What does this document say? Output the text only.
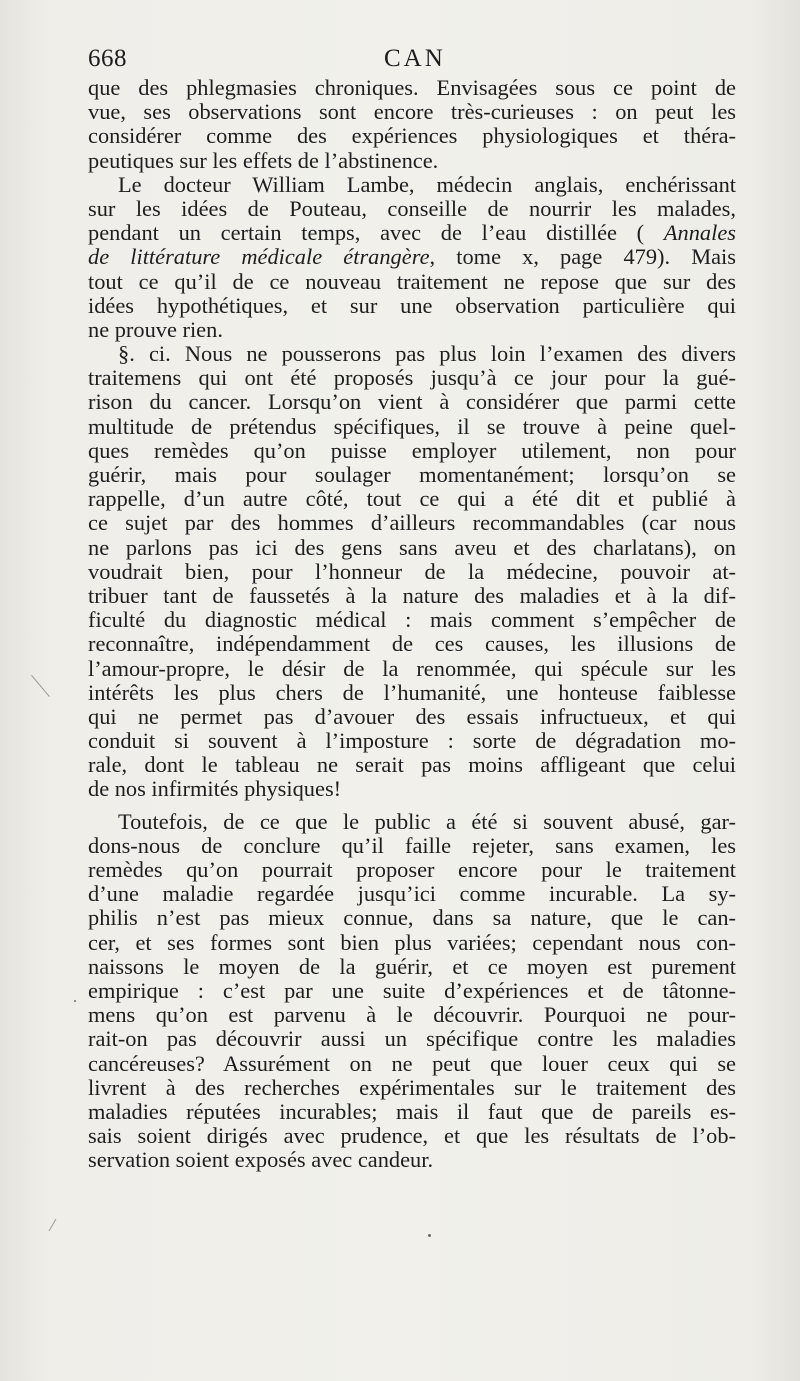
668	CAN
que des phlegmasies chroniques. Envisagées sous ce point de
vue, ses observations sont encore très-curieuses : on peut les
considérer comme des expériences physiologiques et théra-
peutiques sur les effets de l’abstinence.
Le docteur William Lambe, médecin anglais, enchérissant
sur les idées de Pouteau, conseille de nourrir les malades,
pendant un certain temps, avec de l’eau distillée ( Annales
de littérature médicale étrangère, tome x, page 479). Mais
tout ce qu’il de ce nouveau traitement ne repose que sur des
idées hypothétiques, et sur une observation particulière qui
ne prouve rien.
§. ci. Nous ne pousserons pas plus loin l’examen des divers
traitemens qui ont été proposés jusqu’à ce jour pour la gué-
rison du cancer. Lorsqu’on vient à considérer que parmi cette
multitude de prétendus spécifiques, il se trouve à peine quel-
ques remèdes qu’on puisse employer utilement, non pour
guérir, mais pour soulager momentanément; lorsqu’on se
rappelle, d’un autre côté, tout ce qui a été dit et publié à
ce sujet par des hommes d’ailleurs recommandables (car nous
ne parlons pas ici des gens sans aveu et des charlatans), on
voudrait bien, pour l’honneur de la médecine, pouvoir at-
tribuer tant de faussetés à la nature des maladies et à la dif-
ficulté du diagnostic médical : mais comment s’empêcher de
reconnaître, indépendamment de ces causes, les illusions de
l’amour-propre, le désir de la renommée, qui spécule sur les
intérêts les plus chers de l’humanité, une honteuse faiblesse
qui ne permet pas d’avouer des essais infructueux, et qui
conduit si souvent à l’imposture : sorte de dégradation mo-
rale, dont le tableau ne serait pas moins affligeant que celui
de nos infirmités physiques!
Toutefois, de ce que le public a été si souvent abusé, gar-
dons-nous de conclure qu’il faille rejeter, sans examen, les
remèdes qu’on pourrait proposer encore pour le traitement
d’une maladie regardée jusqu’ici comme incurable. La sy-
philis n’est pas mieux connue, dans sa nature, que le can-
cer, et ses formes sont bien plus variées; cependant nous con-
naissons le moyen de la guérir, et ce moyen est purement
empirique : c’est par une suite d’expériences et de tâtonne-
mens qu’on est parvenu à le découvrir. Pourquoi ne pour-
rait-on pas découvrir aussi un spécifique contre les maladies
cancéreuses? Assurément on ne peut que louer ceux qui se
livrent à des recherches expérimentales sur le traitement des
maladies réputées incurables; mais il faut que de pareils es-
sais soient dirigés avec prudence, et que les résultats de l’ob-
servation soient exposés avec candeur.
